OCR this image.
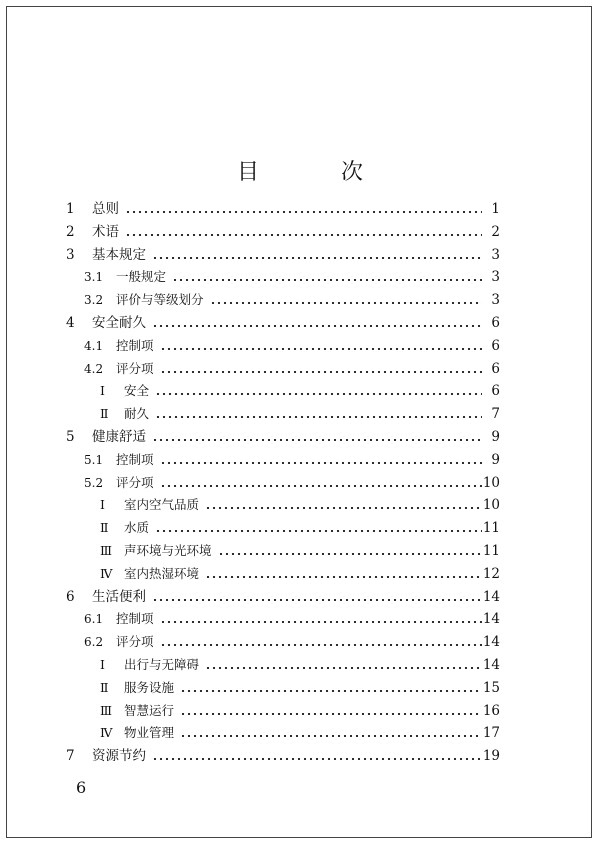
目　次
1 总则	1
2 术语	2
3 基本规定	3
3.1 一般规定	3
3.2 评价与等级划分	3
4 安全耐久	6
4.1 控制项	6
4.2 评分项	6
Ⅰ 安全	6
Ⅱ 耐久	7
5 健康舒适	9
5.1 控制项	9
5.2 评分项	10
Ⅰ 室内空气品质	10
Ⅱ 水质	11
Ⅲ 声环境与光环境	11
Ⅳ 室内热湿环境	12
6 生活便利	14
6.1 控制项	14
6.2 评分项	14
Ⅰ 出行与无障碍	14
Ⅱ 服务设施	15
Ⅲ 智慧运行	16
Ⅳ 物业管理	17
7 资源节约	19
6
